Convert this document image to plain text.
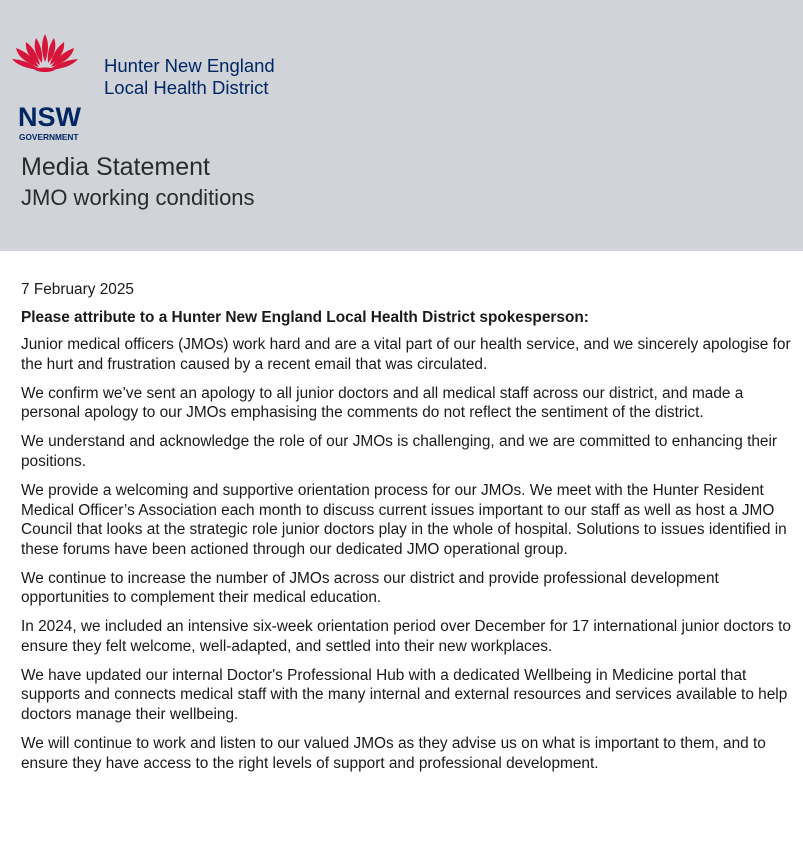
NSW
GOVERNMENT
Hunter New England
Local Health District
Media Statement
JMO working conditions

7 February 2025

Please attribute to a Hunter New England Local Health District spokesperson:

Junior medical officers (JMOs) work hard and are a vital part of our health service, and we sincerely apologise for the hurt and frustration caused by a recent email that was circulated.

We confirm we’ve sent an apology to all junior doctors and all medical staff across our district, and made a personal apology to our JMOs emphasising the comments do not reflect the sentiment of the district.

We understand and acknowledge the role of our JMOs is challenging, and we are committed to enhancing their positions.

We provide a welcoming and supportive orientation process for our JMOs. We meet with the Hunter Resident Medical Officer’s Association each month to discuss current issues important to our staff as well as host a JMO Council that looks at the strategic role junior doctors play in the whole of hospital. Solutions to issues identified in these forums have been actioned through our dedicated JMO operational group.

We continue to increase the number of JMOs across our district and provide professional development opportunities to complement their medical education.

In 2024, we included an intensive six-week orientation period over December for 17 international junior doctors to ensure they felt welcome, well-adapted, and settled into their new workplaces.

We have updated our internal Doctor's Professional Hub with a dedicated Wellbeing in Medicine portal that supports and connects medical staff with the many internal and external resources and services available to help doctors manage their wellbeing.

We will continue to work and listen to our valued JMOs as they advise us on what is important to them, and to ensure they have access to the right levels of support and professional development.
